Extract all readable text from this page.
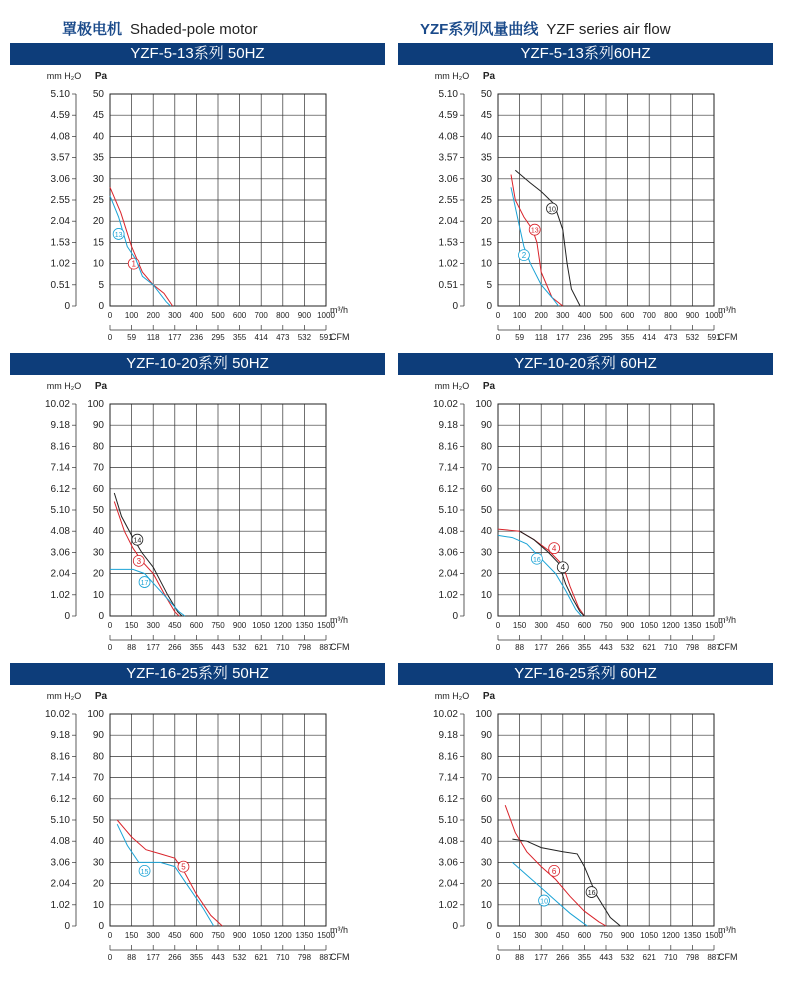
罩极电机 Shaded-pole motor	YZF系列风量曲线 YZF series air flow
YZF-5-13系列 50HZ
mm H₂O Pa
m³/h
CFM
5.10 50
4.59 45
4.08 40
3.57 35
3.06 30
2.55 25
2.04 20
1.53 15
1.02 10
0.51	5
0	0
0
0
100
59
200
118
300
177
400
236
500
295
600
355
700
414
800
473
900
532
1000
591
1
13
YZF-5-13系列60HZ
mm H₂O Pa
m³/h
CFM
5.10 50
4.59 45
4.08 40
3.57 35
3.06 30
2.55 25
2.04 20
1.53 15
1.02 10
0.51	5
0	0
0
0
100
59
200
118
300
177
400
236
500
295
600
355
700
414
800
473
900
532
1000
591
10
13
2
YZF-10-20系列 50HZ
mm H₂O Pa
m³/h
CFM
10.02 100
9.18 90
8.16 80
7.14 70
6.12 60
5.10 50
4.08 40
3.06 30
2.04 20
1.02 10
0	0
0
0
150
88
300
177
450
266
600
355
750
443
900
532
1050
621
1200
710
1350
798
1500
887
14
3
17
YZF-10-20系列 60HZ
mm H₂O Pa
m³/h
CFM
10.02 100
9.18 90
8.16 80
7.14 70
6.12 60
5.10 50
4.08 40
3.06 30
2.04 20
1.02 10
0	0
0
0
150
88
300
177
450
266
600
355
750
443
900
532
1050
621
1200
710
1350
798
1500
887
4
16
4
YZF-16-25系列 50HZ
mm H₂O Pa
m³/h
CFM
10.02 100
9.18 90
8.16 80
7.14 70
6.12 60
5.10 50
4.08 40
3.06 30
2.04 20
1.02 10
0	0
0
0
150
88
300
177
450
266
600
355
750
443
900
532
1050
621
1200
710
1350
798
1500
887
5
15
YZF-16-25系列 60HZ
mm H₂O Pa
m³/h
CFM
10.02 100
9.18 90
8.16 80
7.14 70
6.12 60
5.10 50
4.08 40
3.06 30
2.04 20
1.02 10
0	0
0
0
150
88
300
177
450
266
600
355
750
443
900
532
1050
621
1200
710
1350
798
1500
887
6
16
10
